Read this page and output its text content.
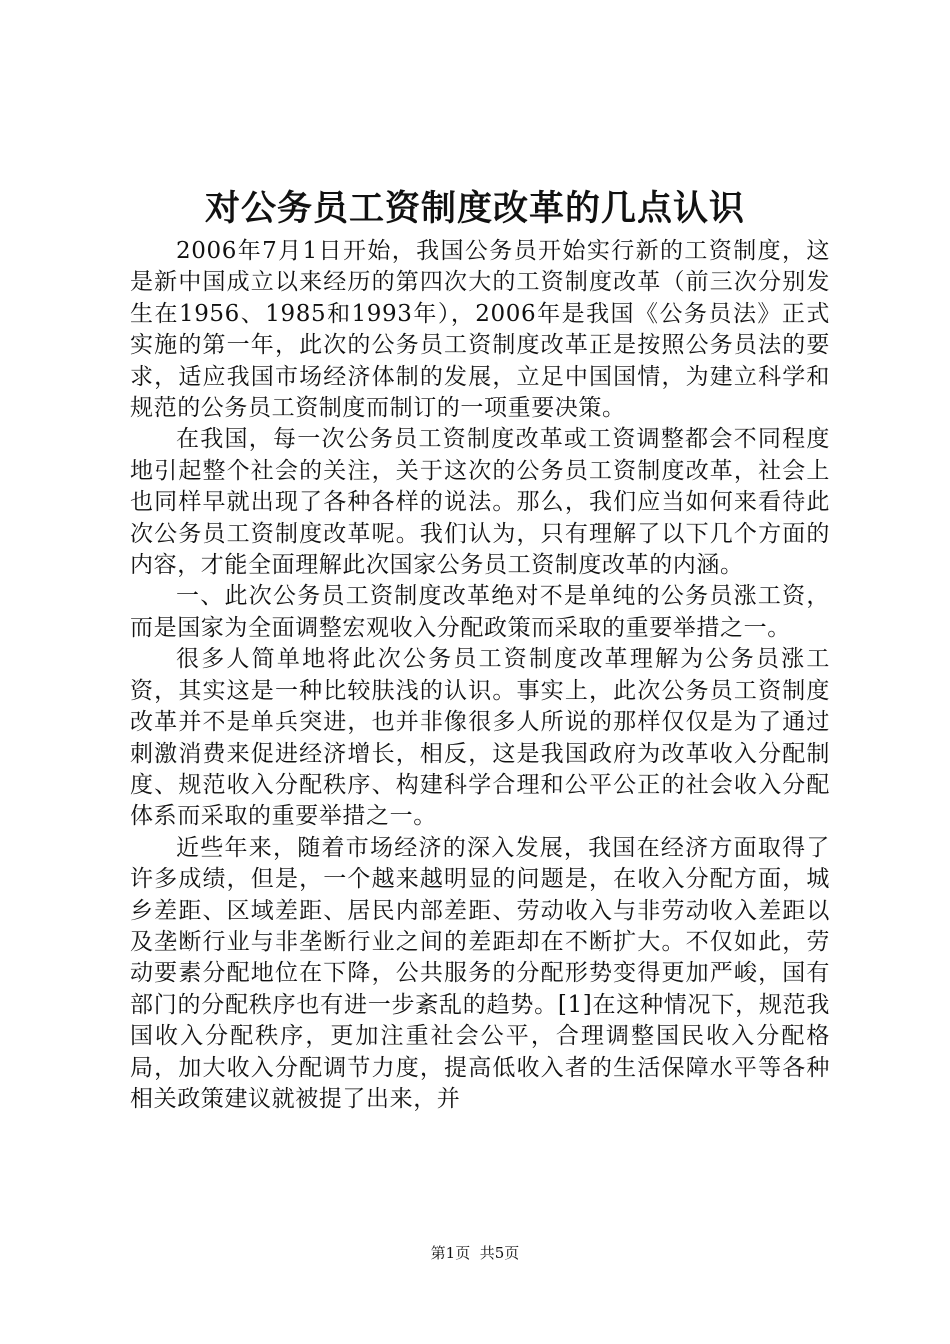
对公务员工资制度改革的几点认识

2006年7月1日开始，我国公务员开始实行新的工资制度，这是新中国成立以来经历的第四次大的工资制度改革（前三次分别发生在1956、1985和1993年），2006年是我国《公务员法》正式实施的第一年，此次的公务员工资制度改革正是按照公务员法的要求，适应我国市场经济体制的发展，立足中国国情，为建立科学和规范的公务员工资制度而制订的一项重要决策。

在我国，每一次公务员工资制度改革或工资调整都会不同程度地引起整个社会的关注，关于这次的公务员工资制度改革，社会上也同样早就出现了各种各样的说法。那么，我们应当如何来看待此次公务员工资制度改革呢。我们认为，只有理解了以下几个方面的内容，才能全面理解此次国家公务员工资制度改革的内涵。

一、此次公务员工资制度改革绝对不是单纯的公务员涨工资，而是国家为全面调整宏观收入分配政策而采取的重要举措之一。

很多人简单地将此次公务员工资制度改革理解为公务员涨工资，其实这是一种比较肤浅的认识。事实上，此次公务员工资制度改革并不是单兵突进，也并非像很多人所说的那样仅仅是为了通过刺激消费来促进经济增长，相反，这是我国政府为改革收入分配制度、规范收入分配秩序、构建科学合理和公平公正的社会收入分配体系而采取的重要举措之一。

近些年来，随着市场经济的深入发展，我国在经济方面取得了许多成绩，但是，一个越来越明显的问题是，在收入分配方面，城乡差距、区域差距、居民内部差距、劳动收入与非劳动收入差距以及垄断行业与非垄断行业之间的差距却在不断扩大。不仅如此，劳动要素分配地位在下降，公共服务的分配形势变得更加严峻，国有部门的分配秩序也有进一步紊乱的趋势。[1]在这种情况下，规范我国收入分配秩序，更加注重社会公平，合理调整国民收入分配格局，加大收入分配调节力度，提高低收入者的生活保障水平等各种相关政策建议就被提了出来，并

第1页 共5页
